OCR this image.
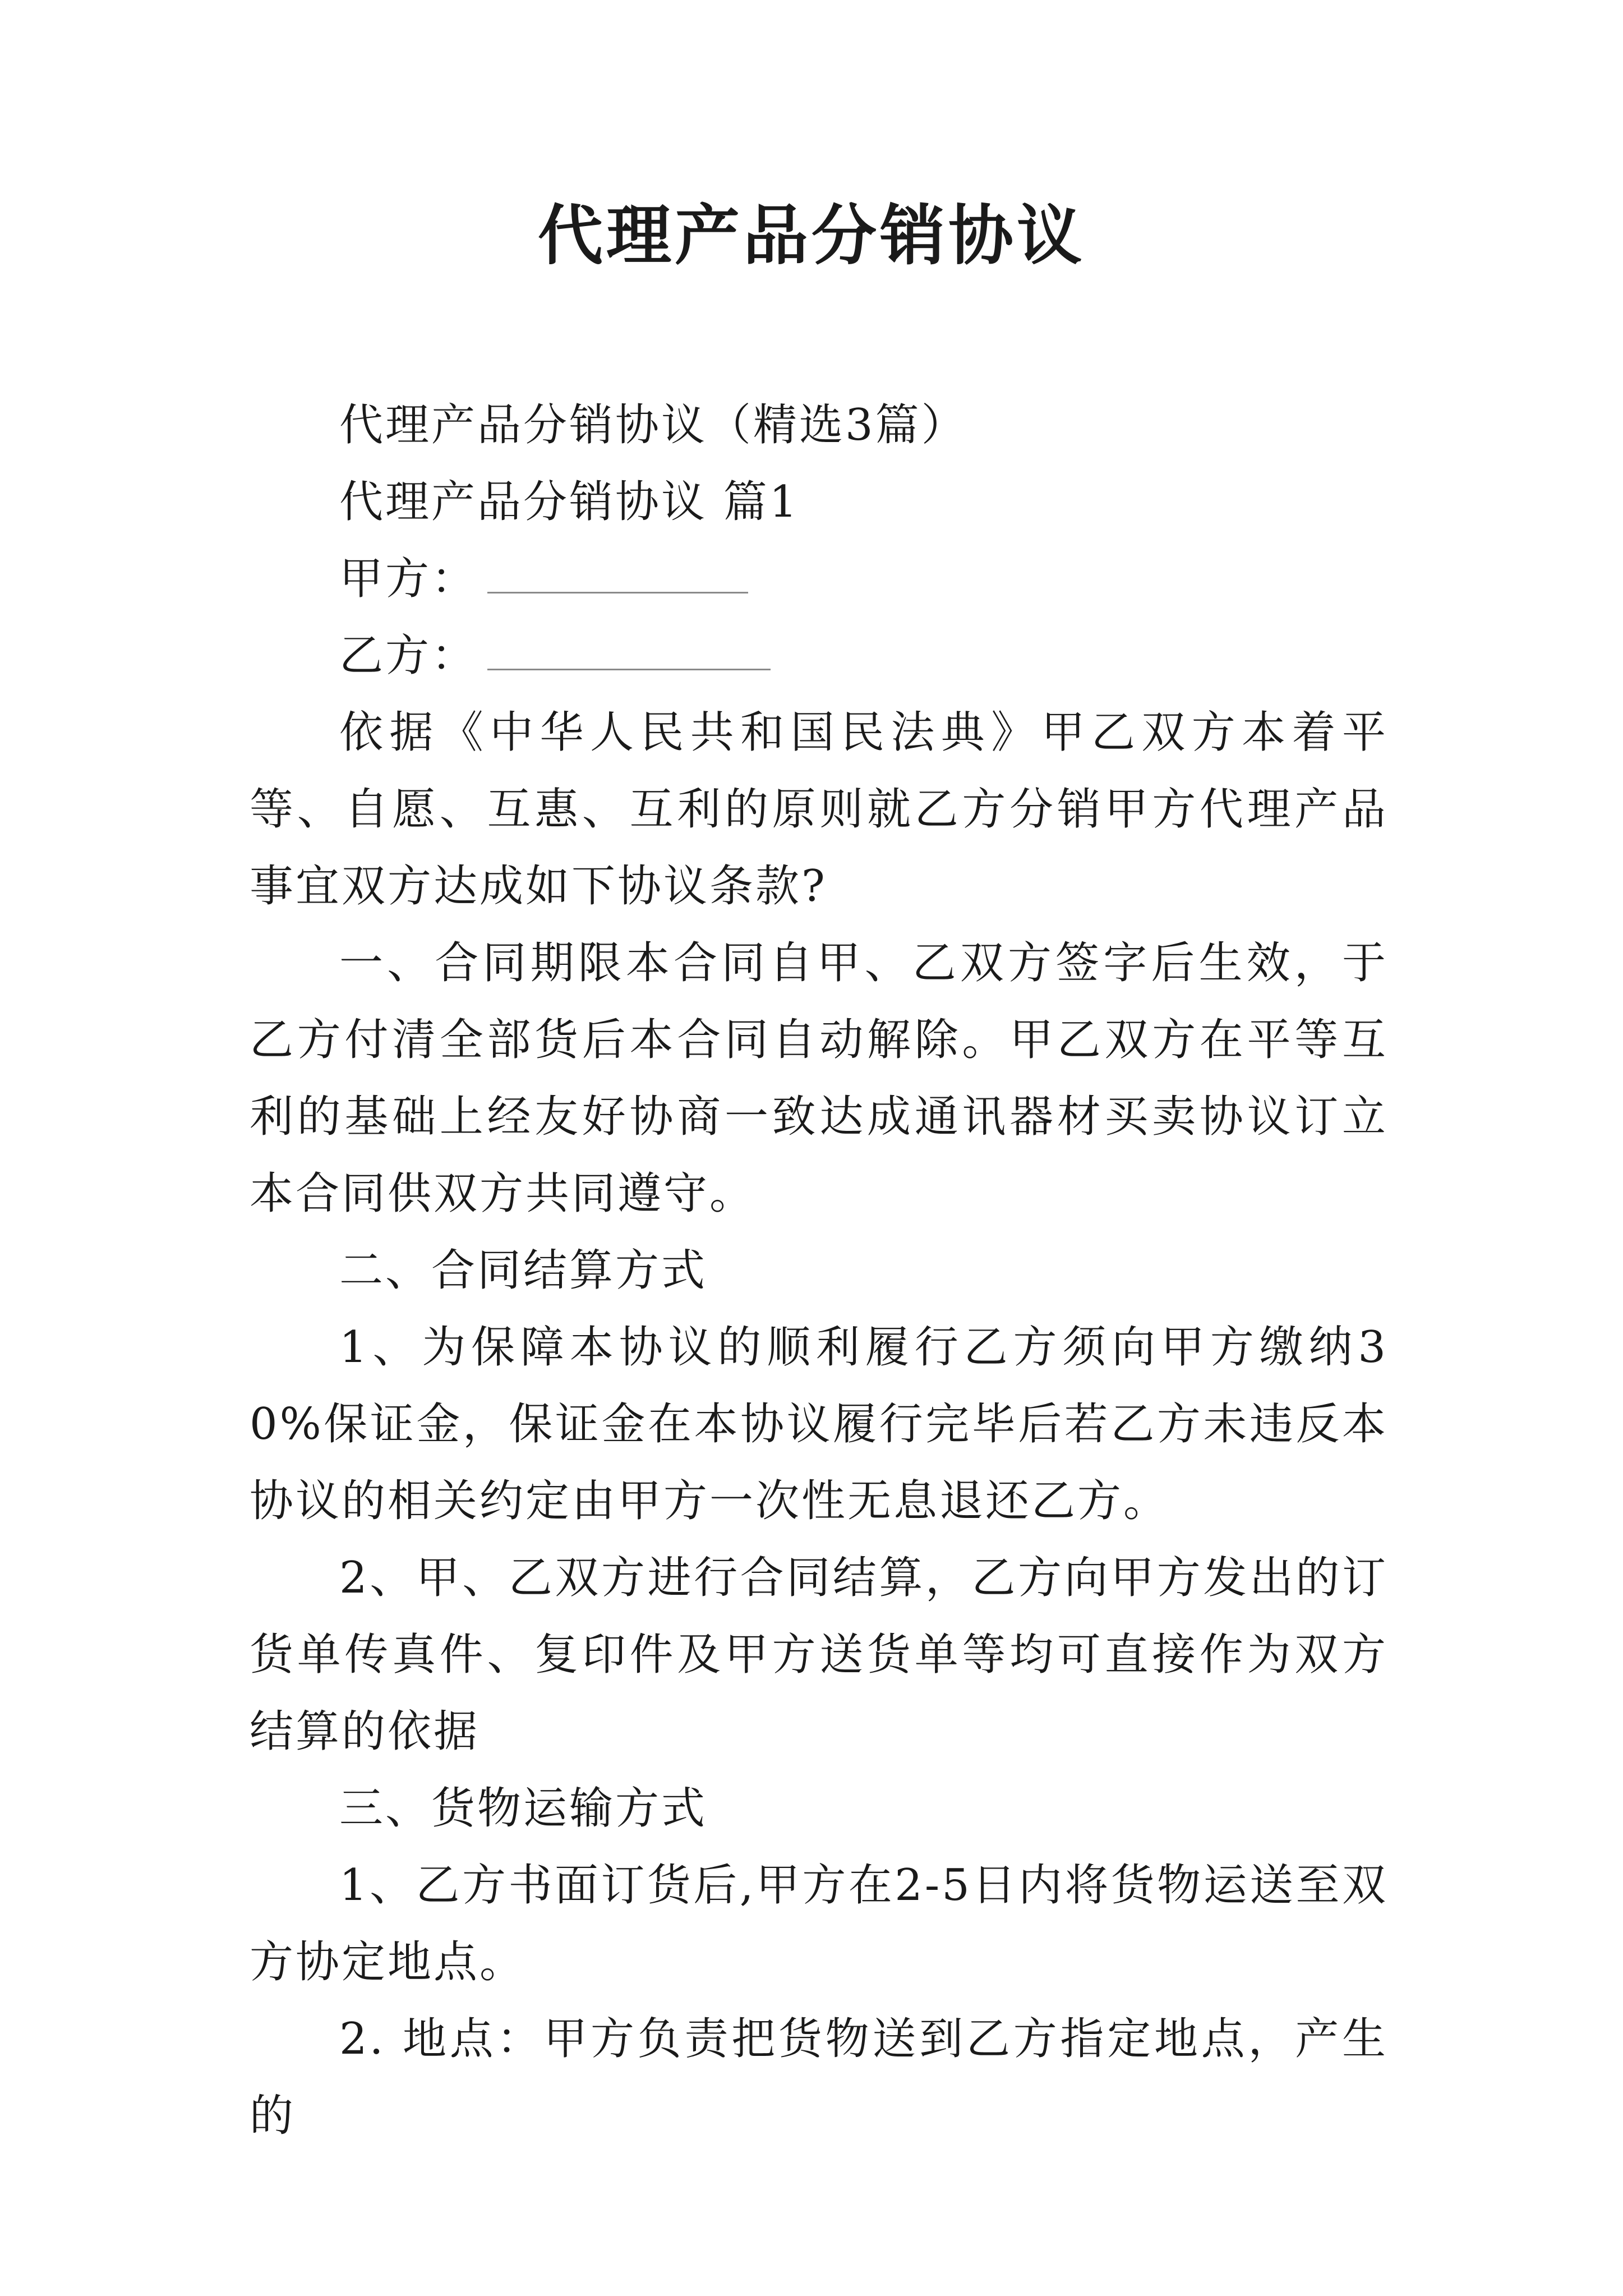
代理产品分销协议

代理产品分销协议（精选3篇）

代理产品分销协议 篇1

甲方：

乙方：

依据《中华人民共和国民法典》甲乙双方本着平等、自愿、互惠、互利的原则就乙方分销甲方代理产品事宜双方达成如下协议条款?

一、合同期限本合同自甲、乙双方签字后生效，于乙方付清全部货后本合同自动解除。甲乙双方在平等互利的基础上经友好协商一致达成通讯器材买卖协议订立本合同供双方共同遵守。

二、合同结算方式

1、为保障本协议的顺利履行乙方须向甲方缴纳30%保证金，保证金在本协议履行完毕后若乙方未违反本协议的相关约定由甲方一次性无息退还乙方。

2、甲、乙双方进行合同结算，乙方向甲方发出的订货单传真件、复印件及甲方送货单等均可直接作为双方结算的依据

三、货物运输方式

1、乙方书面订货后,甲方在2-5日内将货物运送至双方协定地点。

2. 地点：甲方负责把货物送到乙方指定地点，产生的
